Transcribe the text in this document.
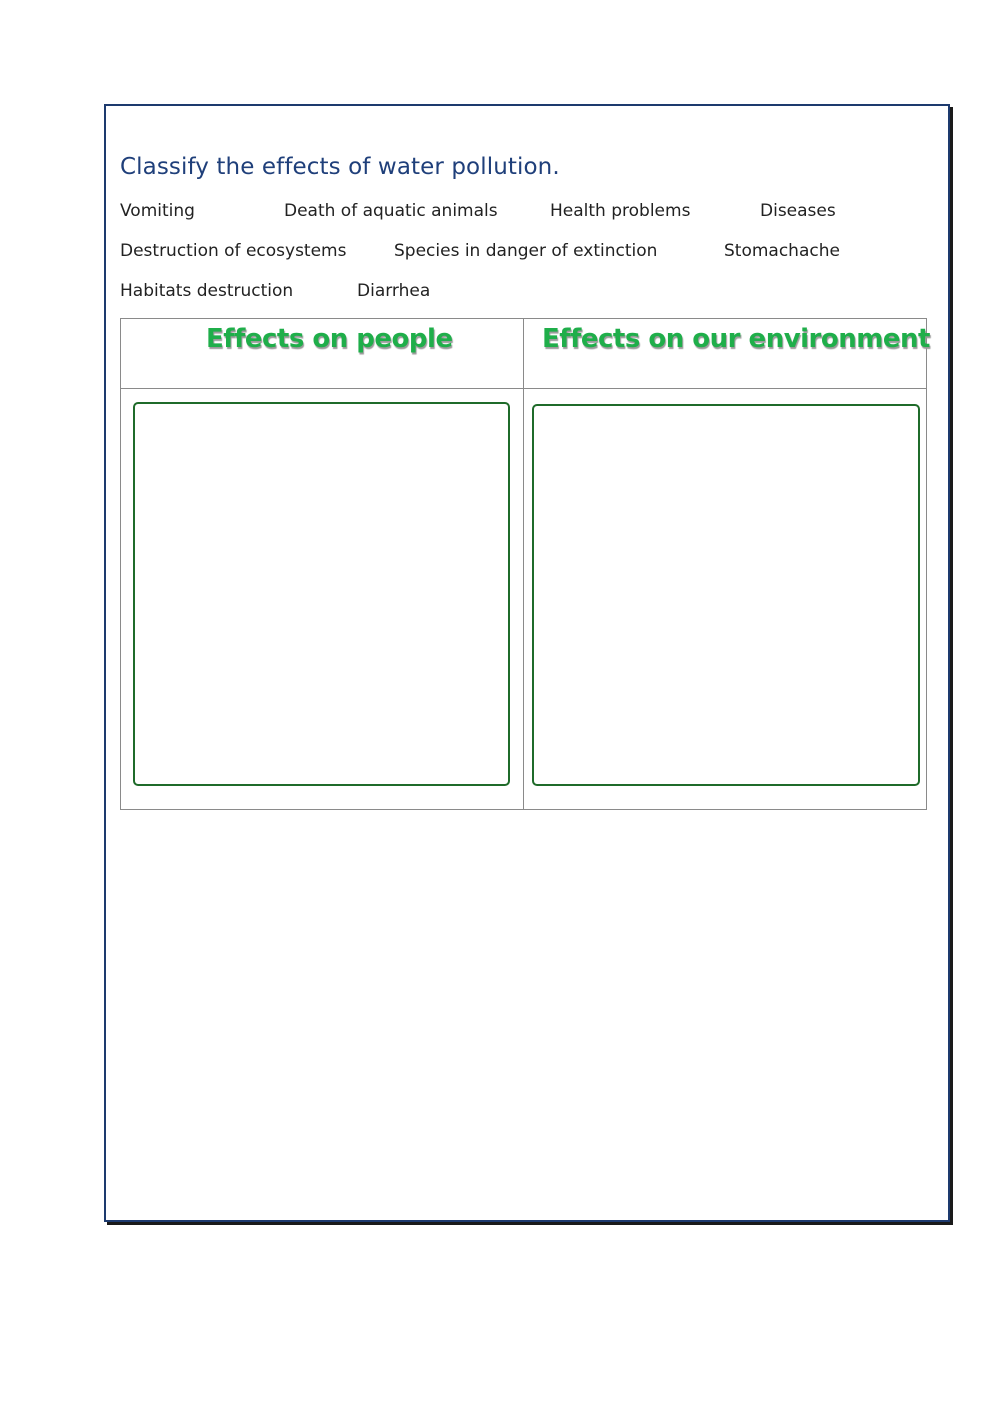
Classify the effects of water pollution.
Vomiting	Death of aquatic animals	Health problems	Diseases
Destruction of ecosystems	Species in danger of extinction	Stomachache
Habitats destruction	Diarrhea
Effects on people	Effects on our environment
